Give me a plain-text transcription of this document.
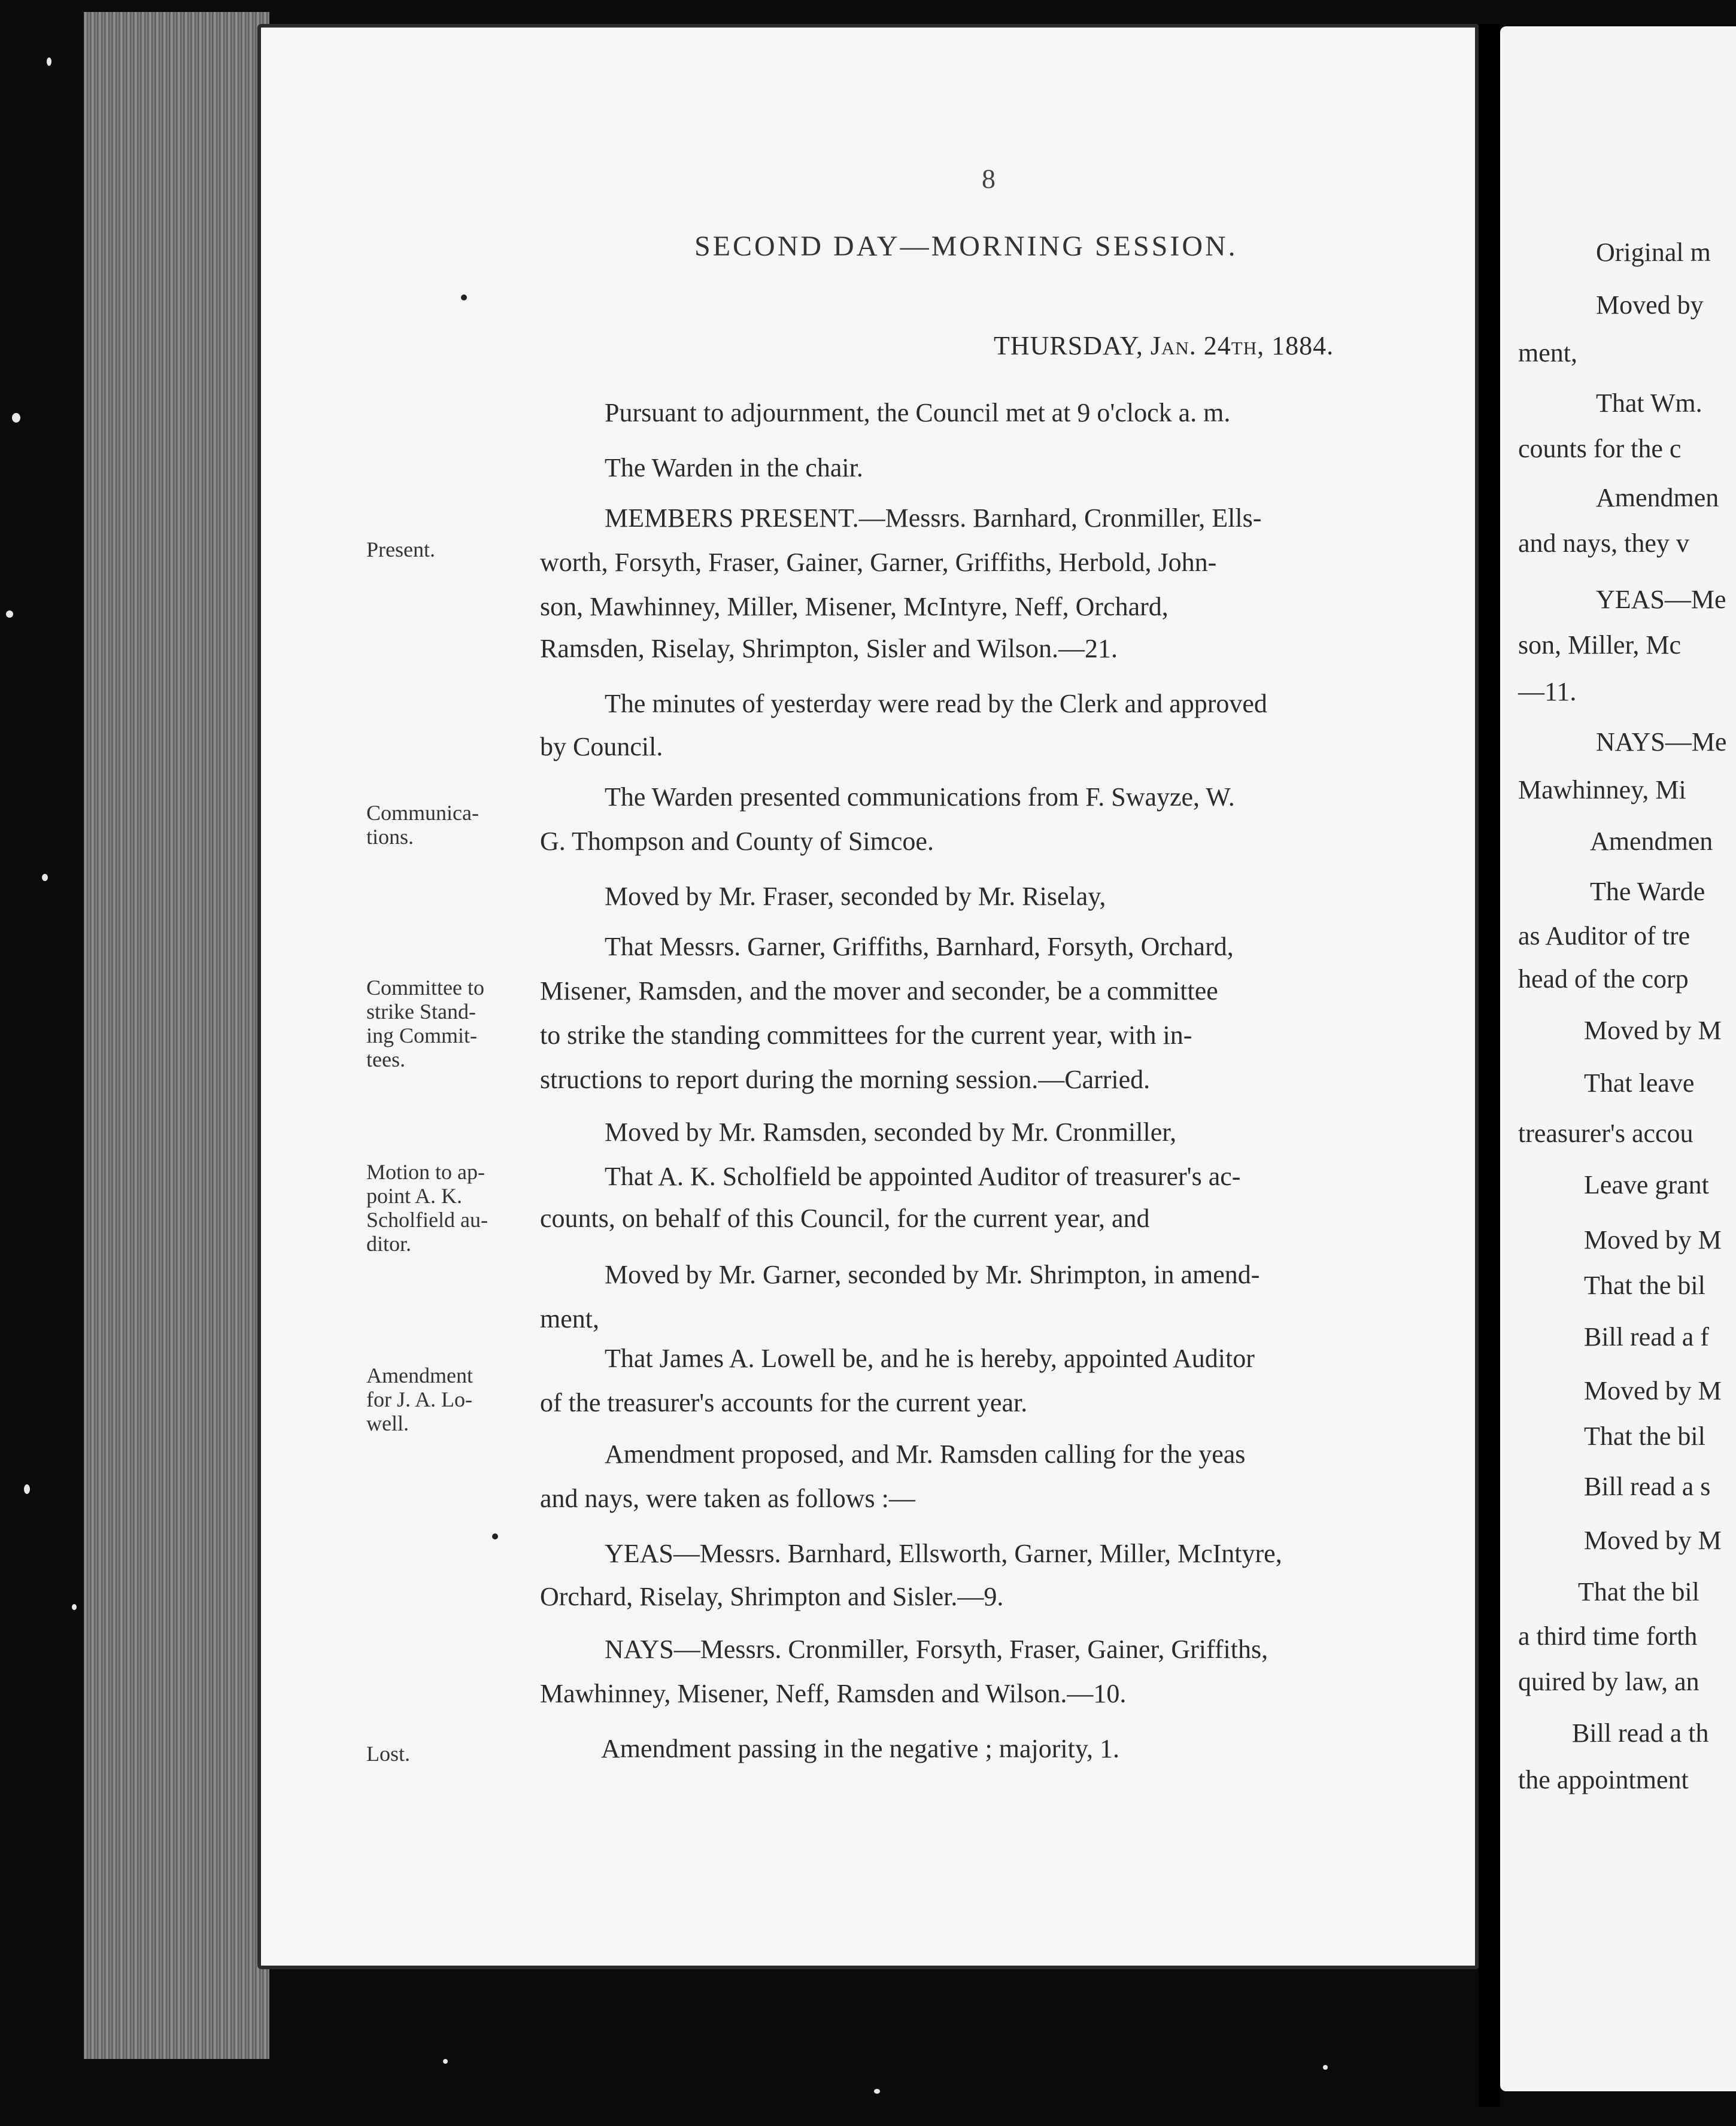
8
SECOND DAY—MORNING SESSION.
THURSDAY, Jan. 24th, 1884.
Present.
Communica-
tions.
Committee to
strike Stand-
ing Commit-
tees.
Motion to ap-
point A. K.
Scholfield au-
ditor.
Amendment
for J. A. Lo-
well.
Lost.
Pursuant to adjournment, the Council met at 9 o'clock a. m.
The Warden in the chair.
MEMBERS PRESENT.—Messrs. Barnhard, Cronmiller, Ells-
worth, Forsyth, Fraser, Gainer, Garner, Griffiths, Herbold, John-
son, Mawhinney, Miller, Misener, McIntyre, Neff, Orchard,
Ramsden, Riselay, Shrimpton, Sisler and Wilson.—21.
The minutes of yesterday were read by the Clerk and approved
by Council.
The Warden presented communications from F. Swayze, W.
G. Thompson and County of Simcoe.
Moved by Mr. Fraser, seconded by Mr. Riselay,
That Messrs. Garner, Griffiths, Barnhard, Forsyth, Orchard,
Misener, Ramsden, and the mover and seconder, be a committee
to strike the standing committees for the current year, with in-
structions to report during the morning session.—Carried.
Moved by Mr. Ramsden, seconded by Mr. Cronmiller,
That A. K. Scholfield be appointed Auditor of treasurer's ac-
counts, on behalf of this Council, for the current year, and
Moved by Mr. Garner, seconded by Mr. Shrimpton, in amend-
ment,
That James A. Lowell be, and he is hereby, appointed Auditor
of the treasurer's accounts for the current year.
Amendment proposed, and Mr. Ramsden calling for the yeas
and nays, were taken as follows :—
YEAS—Messrs. Barnhard, Ellsworth, Garner, Miller, McIntyre,
Orchard, Riselay, Shrimpton and Sisler.—9.
NAYS—Messrs. Cronmiller, Forsyth, Fraser, Gainer, Griffiths,
Mawhinney, Misener, Neff, Ramsden and Wilson.—10.
Amendment passing in the negative ; majority, 1.
Original m
Moved by
ment,
That Wm.
counts for the c
Amendmen
and nays, they v
YEAS—Me
son, Miller, Mc
—11.
NAYS—Me
Mawhinney, Mi
Amendmen
The Warde
as Auditor of tre
head of the corp
Moved by M
That leave
treasurer's accou
Leave grant
Moved by M
That the bil
Bill read a f
Moved by M
That the bil
Bill read a s
Moved by M
That the bil
a third time forth
quired by law, an
Bill read a th
the appointment
